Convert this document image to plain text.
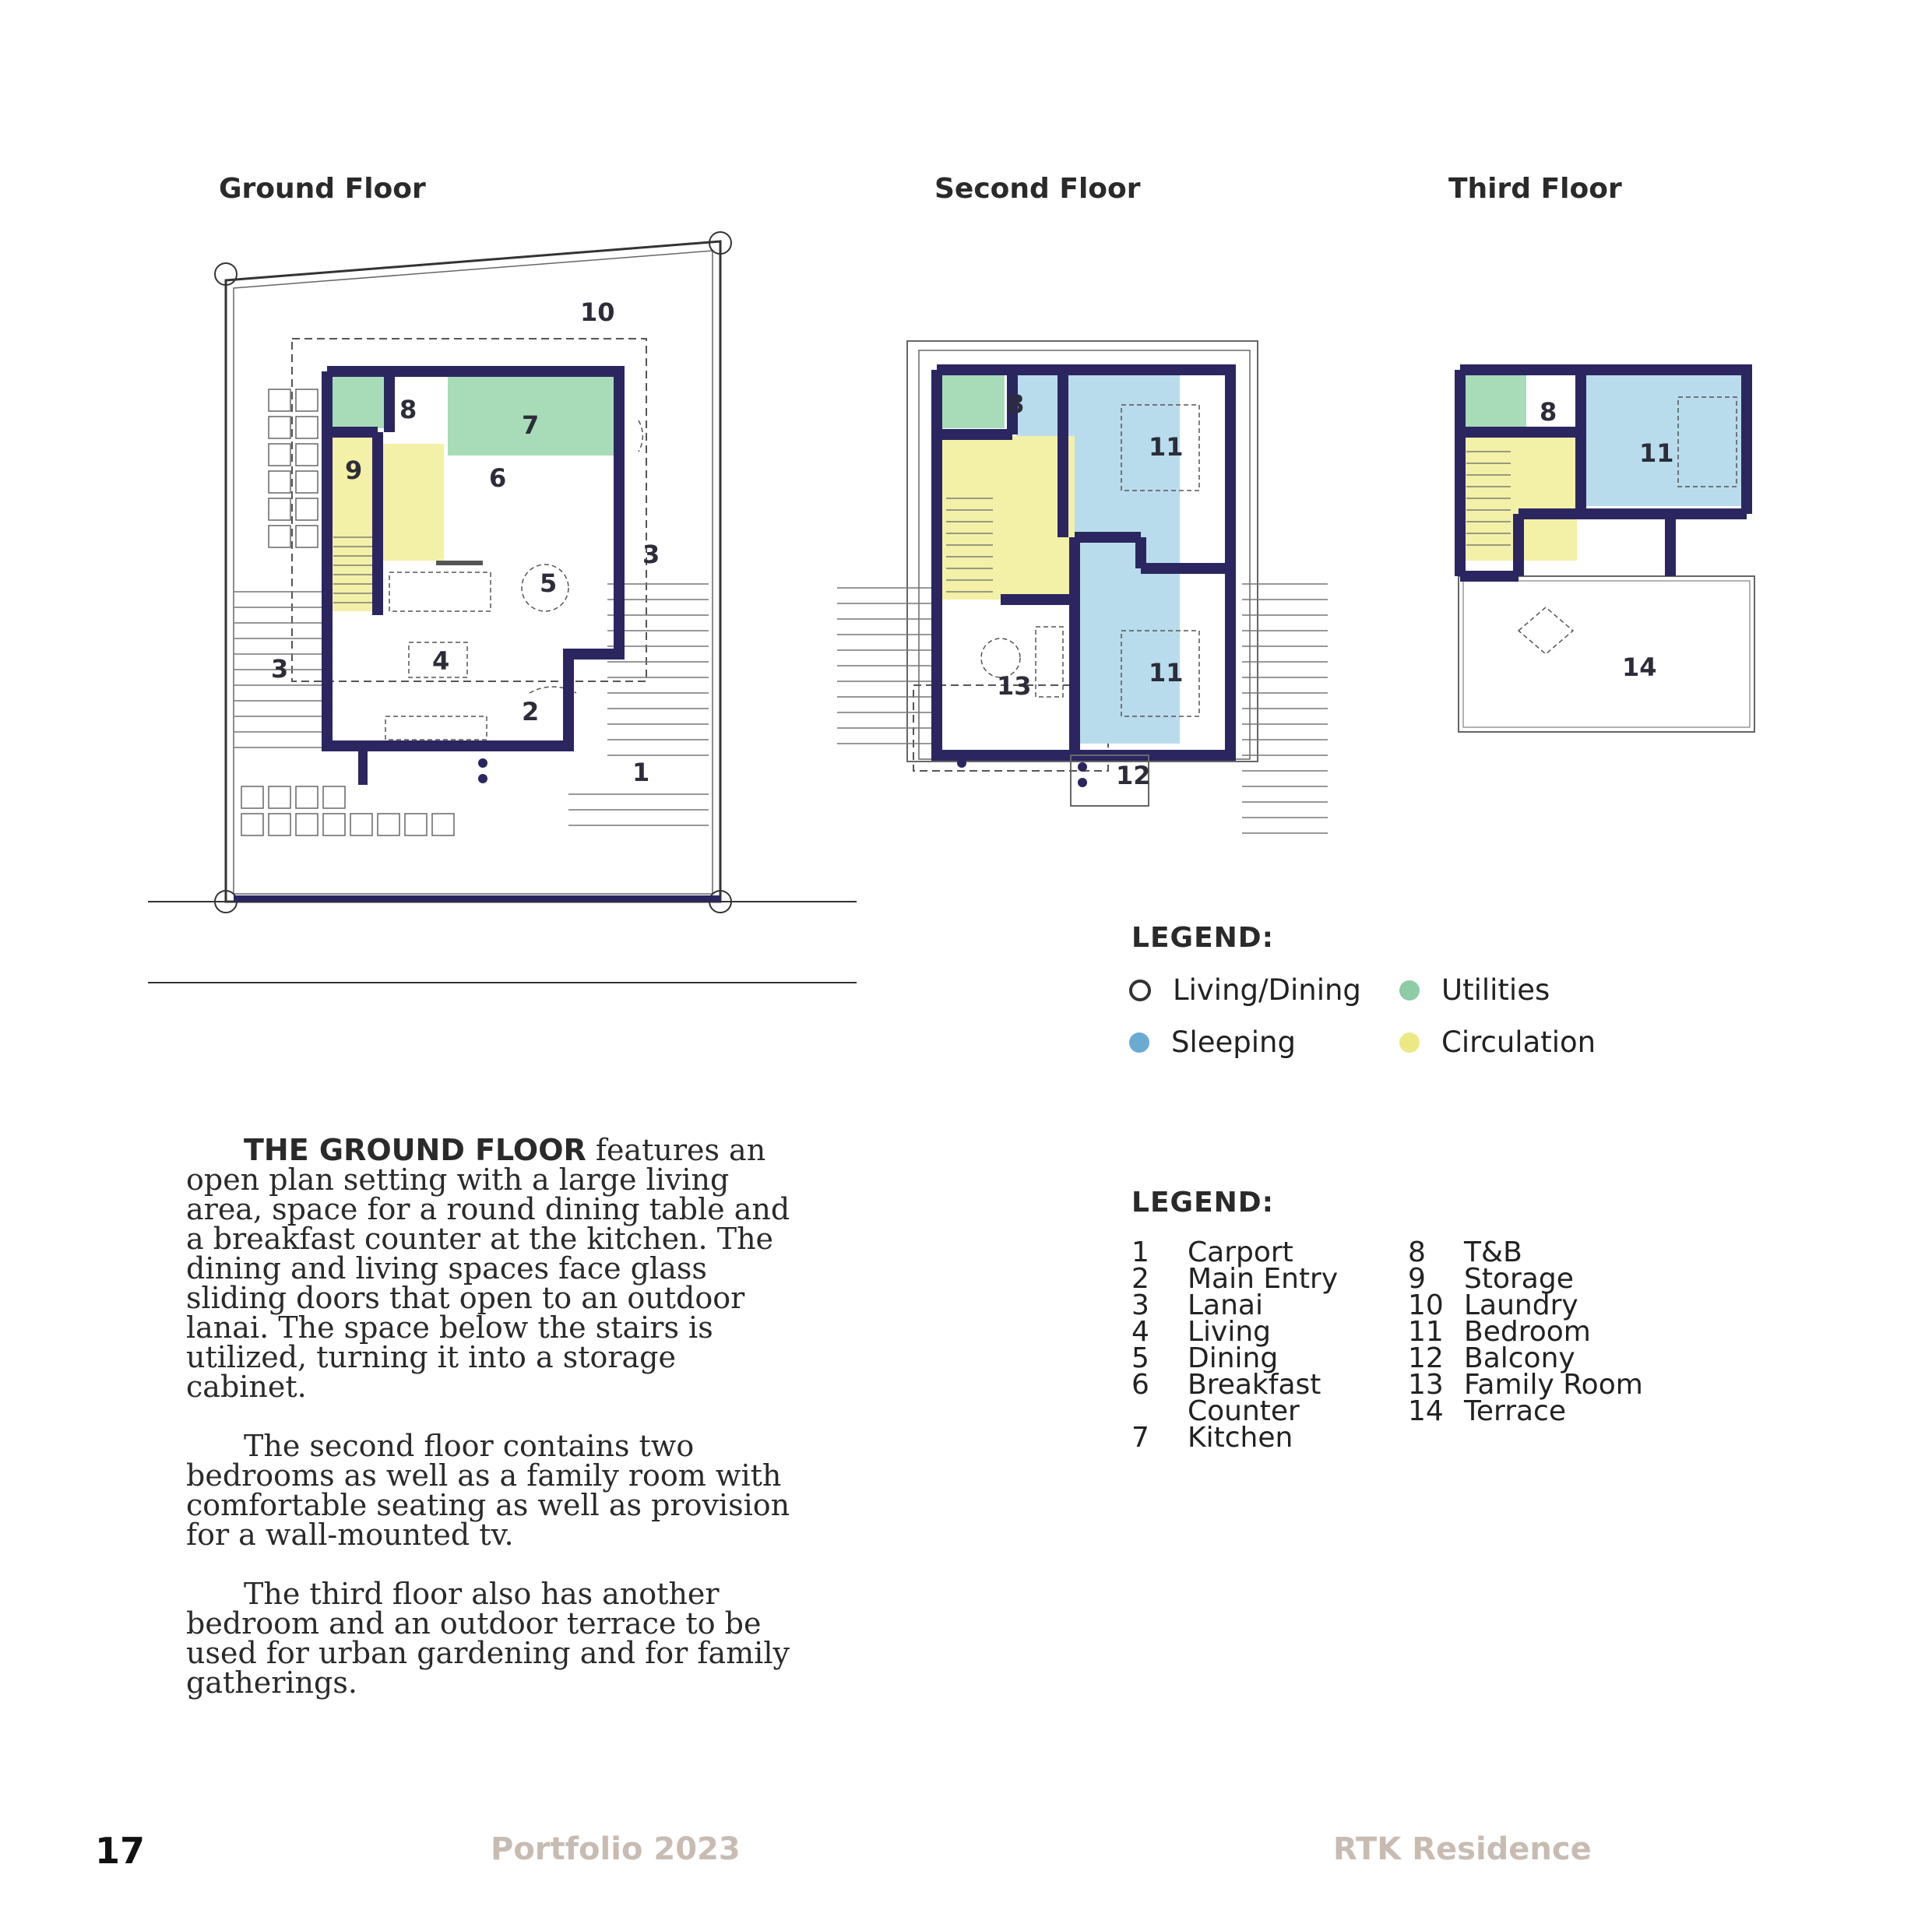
Ground Floor	Second Floor	Third Floor
10
8
7
9	6
5
3
4
3
2
1
8
11
11
13
12
8
11
14
LEGEND:
Living/Dining	Utilities
Sleeping	Circulation
LEGEND:
1	Carport
2	Main Entry
3	Lanai
4	Living
5	Dining
6	Breakfast
Counter
7	Kitchen
8	T&B
9	Storage
10 Laundry
11 Bedroom
12 Balcony
13 Family Room
14 Terrace

THE GROUND FLOOR features an open plan setting with a large living area, space for a round dining table and a breakfast counter at the kitchen. The dining and living spaces face glass sliding doors that open to an outdoor lanai. The space below the stairs is utilized, turning it into a storage cabinet.

The second floor contains two bedrooms as well as a family room with comfortable seating as well as provision for a wall-mounted tv.

The third floor also has another bedroom and an outdoor terrace to be used for urban gardening and for family gatherings.

17	Portfolio 2023	RTK Residence
